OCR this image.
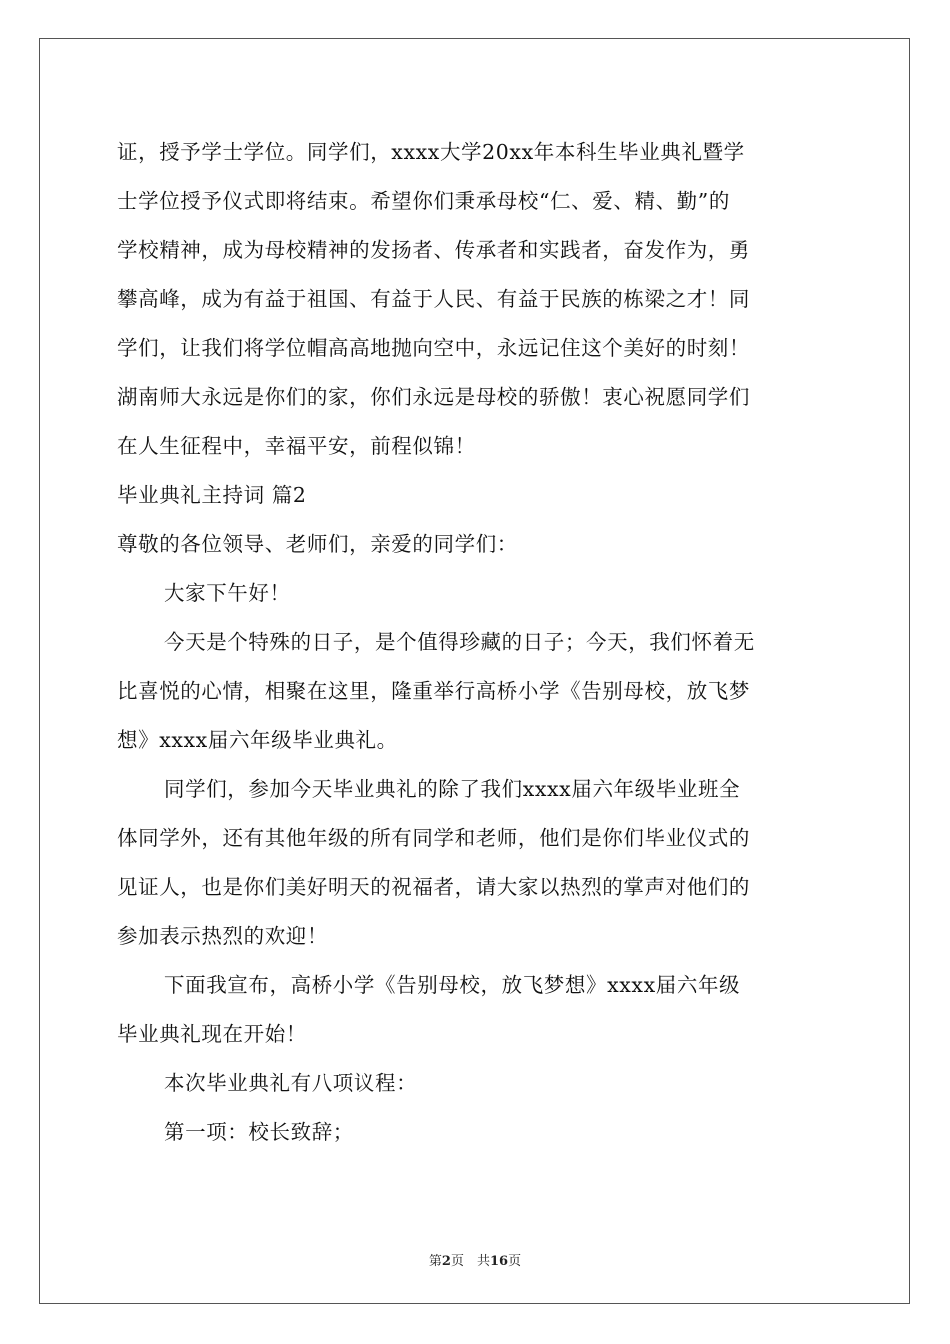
证，授予学士学位。同学们，xxxx大学20xx年本科生毕业典礼暨学
士学位授予仪式即将结束。希望你们秉承母校“仁、爱、精、勤”的
学校精神，成为母校精神的发扬者、传承者和实践者，奋发作为，勇
攀高峰，成为有益于祖国、有益于人民、有益于民族的栋梁之才！同
学们，让我们将学位帽高高地抛向空中，永远记住这个美好的时刻！
湖南师大永远是你们的家，你们永远是母校的骄傲！衷心祝愿同学们
在人生征程中，幸福平安，前程似锦！
毕业典礼主持词 篇2
尊敬的各位领导、老师们，亲爱的同学们：
大家下午好！
今天是个特殊的日子，是个值得珍藏的日子；今天，我们怀着无
比喜悦的心情，相聚在这里，隆重举行高桥小学《告别母校，放飞梦
想》xxxx届六年级毕业典礼。
同学们，参加今天毕业典礼的除了我们xxxx届六年级毕业班全
体同学外，还有其他年级的所有同学和老师，他们是你们毕业仪式的
见证人，也是你们美好明天的祝福者，请大家以热烈的掌声对他们的
参加表示热烈的欢迎！
下面我宣布，高桥小学《告别母校，放飞梦想》xxxx届六年级
毕业典礼现在开始！
本次毕业典礼有八项议程：
第一项：校长致辞；
第2页　共16页
